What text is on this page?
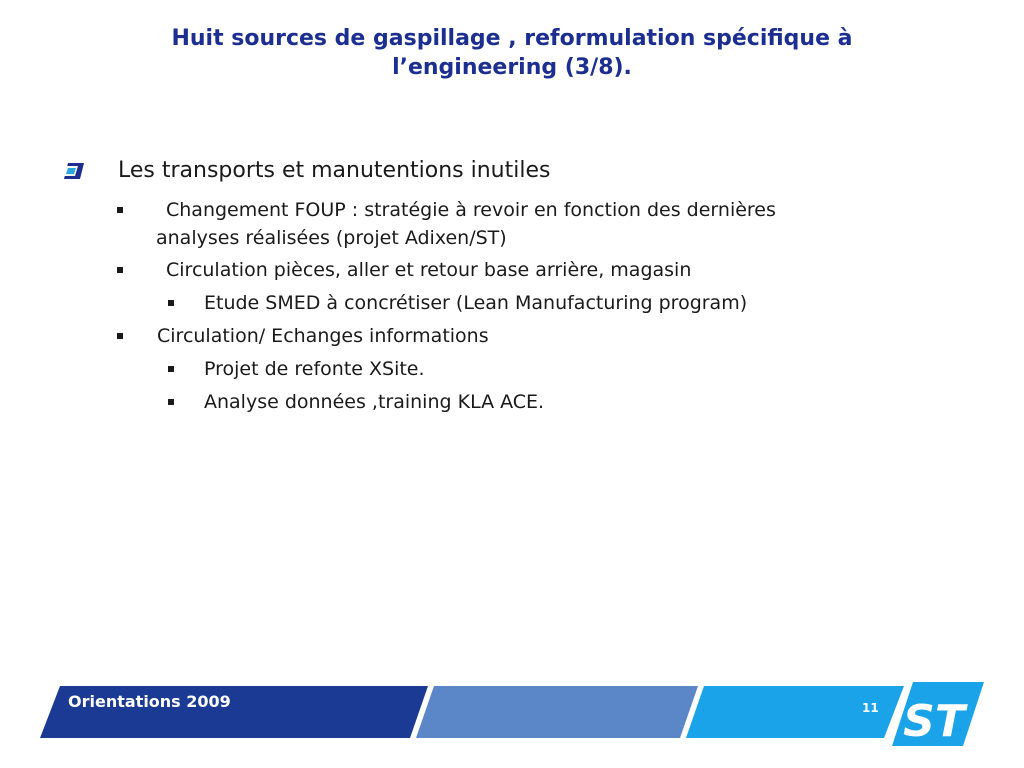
Huit sources de gaspillage , reformulation spécifique à
l’engineering (3/8).
Les transports et manutentions inutiles
Changement FOUP : stratégie à revoir en fonction des dernières
analyses réalisées (projet Adixen/ST)
Circulation pièces, aller et retour base arrière, magasin
Etude SMED à concrétiser (Lean Manufacturing program)
Circulation/ Echanges informations
Projet de refonte XSite.
Analyse données ,training KLA ACE.
ST
Orientations 2009	11
